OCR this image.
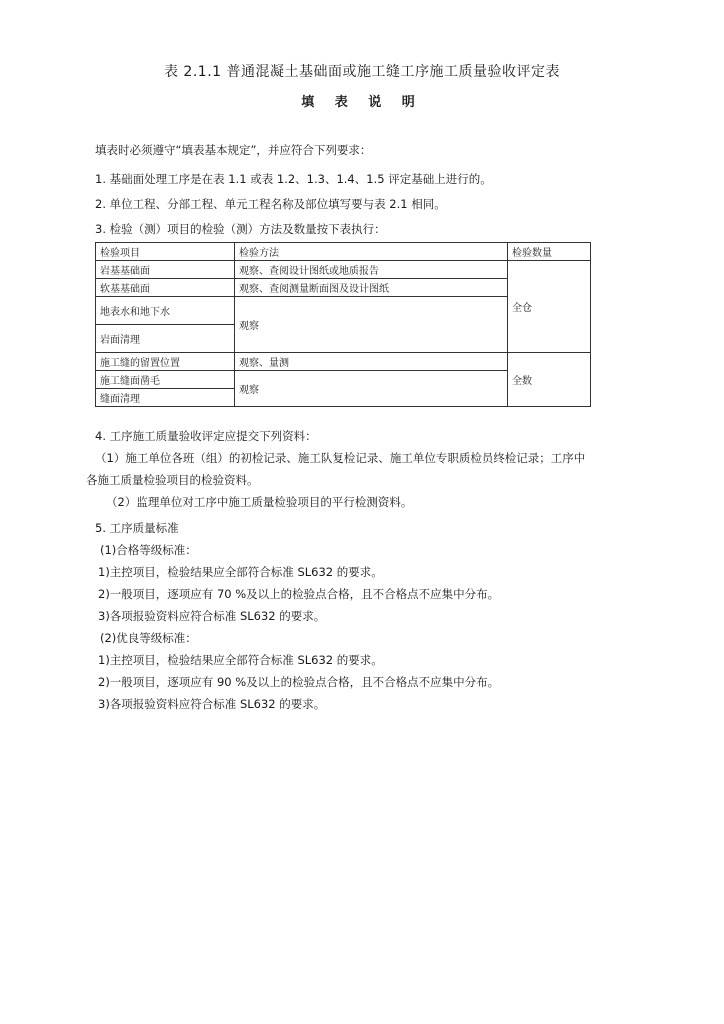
表 2.1.1 普通混凝土基础面或施工缝工序施工质量验收评定表
填 表 说 明
填表时必须遵守“填表基本规定”，并应符合下列要求：
1. 基础面处理工序是在表 1.1 或表 1.2、1.3、1.4、1.5 评定基础上进行的。
2. 单位工程、分部工程、单元工程名称及部位填写要与表 2.1 相同。
3. 检验（测）项目的检验（测）方法及数量按下表执行：
检验项目	检验方法	检验数量
岩基基础面	观察、查阅设计图纸或地质报告	全仓
软基基础面	观察、查阅测量断面图及设计图纸	
地表水和地下水	观察	
岩面清理		
施工缝的留置位置	观察、量测	全数
施工缝面凿毛	观察	
缝面清理		
4. 工序施工质量验收评定应提交下列资料：
（1）施工单位各班（组）的初检记录、施工队复检记录、施工单位专职质检员终检记录；工序中
各施工质量检验项目的检验资料。
（2）监理单位对工序中施工质量检验项目的平行检测资料。
5. 工序质量标准
(1)合格等级标准：
1)主控项目，检验结果应全部符合标准 SL632 的要求。
2)一般项目，逐项应有 70 %及以上的检验点合格，且不合格点不应集中分布。
3)各项报验资料应符合标准 SL632 的要求。
(2)优良等级标准：
1)主控项目，检验结果应全部符合标准 SL632 的要求。
2)一般项目，逐项应有 90 %及以上的检验点合格，且不合格点不应集中分布。
3)各项报验资料应符合标准 SL632 的要求。
